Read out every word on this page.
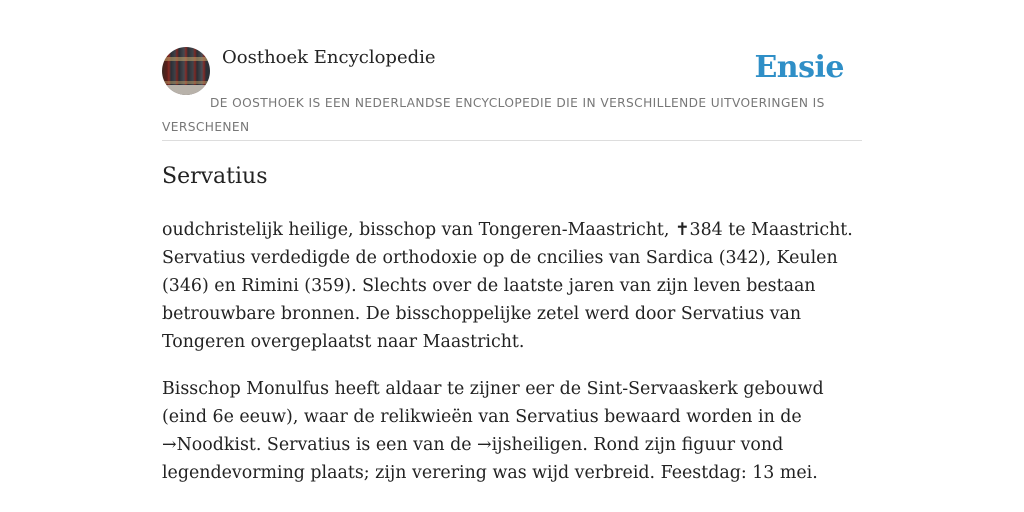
Oosthoek Encyclopedie	Ensie
DE OOSTHOEK IS EEN NEDERLANDSE ENCYCLOPEDIE DIE IN VERSCHILLENDE UITVOERINGEN IS VERSCHENEN
Servatius

oudchristelijk heilige, bisschop van Tongeren-Maastricht, ✝384 te Maastricht. Servatius verdedigde de orthodoxie op de cncilies van Sardica (342), Keulen (346) en Rimini (359). Slechts over de laatste jaren van zijn leven bestaan betrouwbare bronnen. De bisschoppelijke zetel werd door Servatius van Tongeren overgeplaatst naar Maastricht.

Bisschop Monulfus heeft aldaar te zijner eer de Sint-Servaaskerk gebouwd (eind 6e eeuw), waar de relikwieën van Servatius bewaard worden in de →Noodkist. Servatius is een van de →ijsheiligen. Rond zijn figuur vond legendevorming plaats; zijn verering was wijd verbreid. Feestdag: 13 mei.
